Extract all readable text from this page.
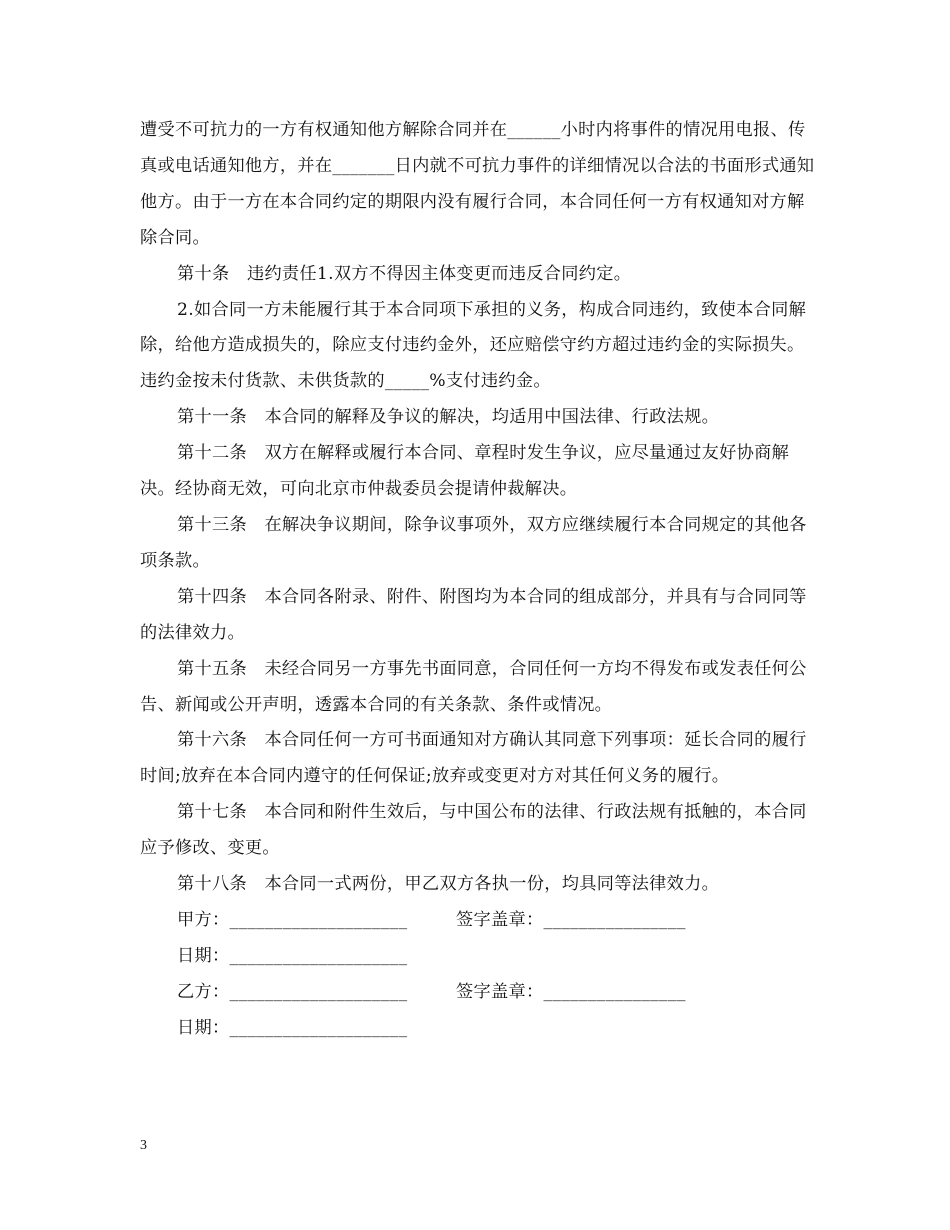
遭受不可抗力的一方有权通知他方解除合同并在______小时内将事件的情况用电报、传真或电话通知他方，并在_______日内就不可抗力事件的详细情况以合法的书面形式通知他方。由于一方在本合同约定的期限内没有履行合同，本合同任何一方有权通知对方解除合同。

第十条　违约责任1.双方不得因主体变更而违反合同约定。

2.如合同一方未能履行其于本合同项下承担的义务，构成合同违约，致使本合同解除，给他方造成损失的，除应支付违约金外，还应赔偿守约方超过违约金的实际损失。违约金按未付货款、未供货款的_____%支付违约金。

第十一条　本合同的解释及争议的解决，均适用中国法律、行政法规。

第十二条　双方在解释或履行本合同、章程时发生争议，应尽量通过友好协商解决。经协商无效，可向北京市仲裁委员会提请仲裁解决。

第十三条　在解决争议期间，除争议事项外，双方应继续履行本合同规定的其他各项条款。

第十四条　本合同各附录、附件、附图均为本合同的组成部分，并具有与合同同等的法律效力。

第十五条　未经合同另一方事先书面同意，合同任何一方均不得发布或发表任何公告、新闻或公开声明，透露本合同的有关条款、条件或情况。

第十六条　本合同任何一方可书面通知对方确认其同意下列事项：延长合同的履行时间;放弃在本合同内遵守的任何保证;放弃或变更对方对其任何义务的履行。

第十七条　本合同和附件生效后，与中国公布的法律、行政法规有抵触的，本合同应予修改、变更。

第十八条　本合同一式两份，甲乙双方各执一份，均具同等法律效力。

甲方：____________________	签字盖章：________________
日期：____________________
乙方：____________________	签字盖章：________________
日期：____________________
3
